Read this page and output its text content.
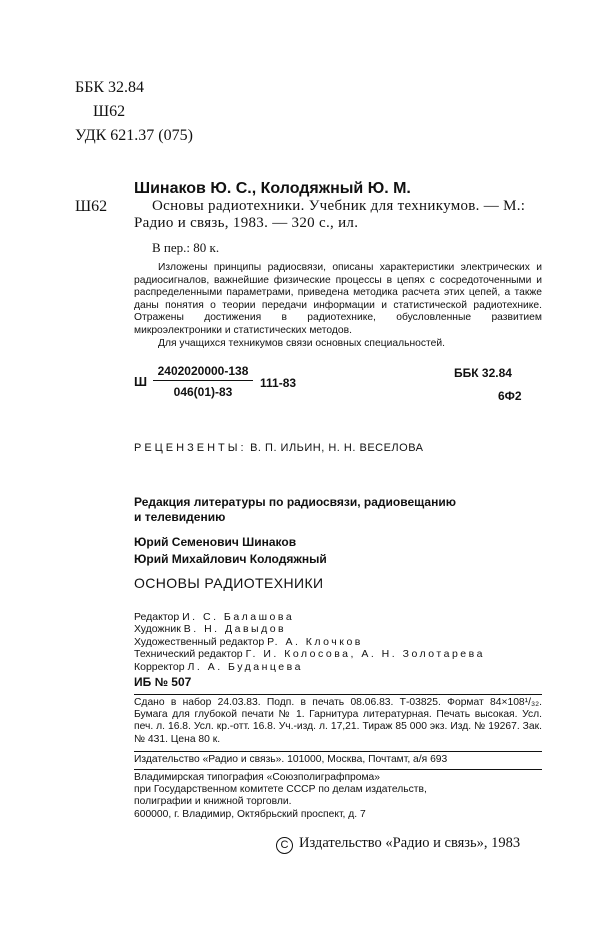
ББК 32.84
Ш62
УДК 621.37 (075)
Ш62
Шинаков Ю. С., Колодяжный Ю. М.
Основы радиотехники. Учебник для техникумов. — М.: Радио и связь, 1983. — 320 с., ил.
В пер.: 80 к.

Изложены принципы радиосвязи, описаны характеристики электрических и радиосигналов, важнейшие физические процессы в цепях с сосредоточенными и распределенными параметрами, приведена методика расчета этих цепей, а также даны понятия о теории передачи информации и статистической радиотехнике. Отражены достижения в радиотехнике, обусловленные развитием микроэлектроники и статистических методов.

Для учащихся техникумов связи основных специальностей.

Ш $\frac{2402020000-138}{046(01)-83} 111-83$
ББК 32.84
6Ф2
РЕЦЕНЗЕНТЫ: В. П. ИЛЬИН, Н. Н. ВЕСЕЛОВА
Редакция литературы по радиосвязи, радиовещанию
и телевидению
Юрий Семенович Шинаков
Юрий Михайлович Колодяжный
ОСНОВЫ РАДИОТЕХНИКИ
Редактор И. С. Балашова
Художник В. Н. Давыдов
Художественный редактор Р. А. Клочков
Технический редактор Г. И. Колосова, А. Н. Золотарева
Корректор Л. А. Буданцева
ИБ № 507
Сдано в набор 24.03.83. Подп. в печать 08.06.83. Т-03825. Формат 84×108¹/₃₂. Бумага для глубокой печати № 1. Гарнитура литературная. Печать высокая. Усл. печ. л. 16.8. Усл. кр.-отт. 16.8. Уч.-изд. л. 17,21. Тираж 85 000 экз. Изд. № 19267. Зак. № 431. Цена 80 к.
Издательство «Радио и связь». 101000, Москва, Почтамт, а/я 693
Владимирская типография «Союзполиграфпрома»
при Государственном комитете СССР по делам издательств,
полиграфии и книжной торговли.
600000, г. Владимир, Октябрьский проспект, д. 7
C Издательство «Радио и связь», 1983
